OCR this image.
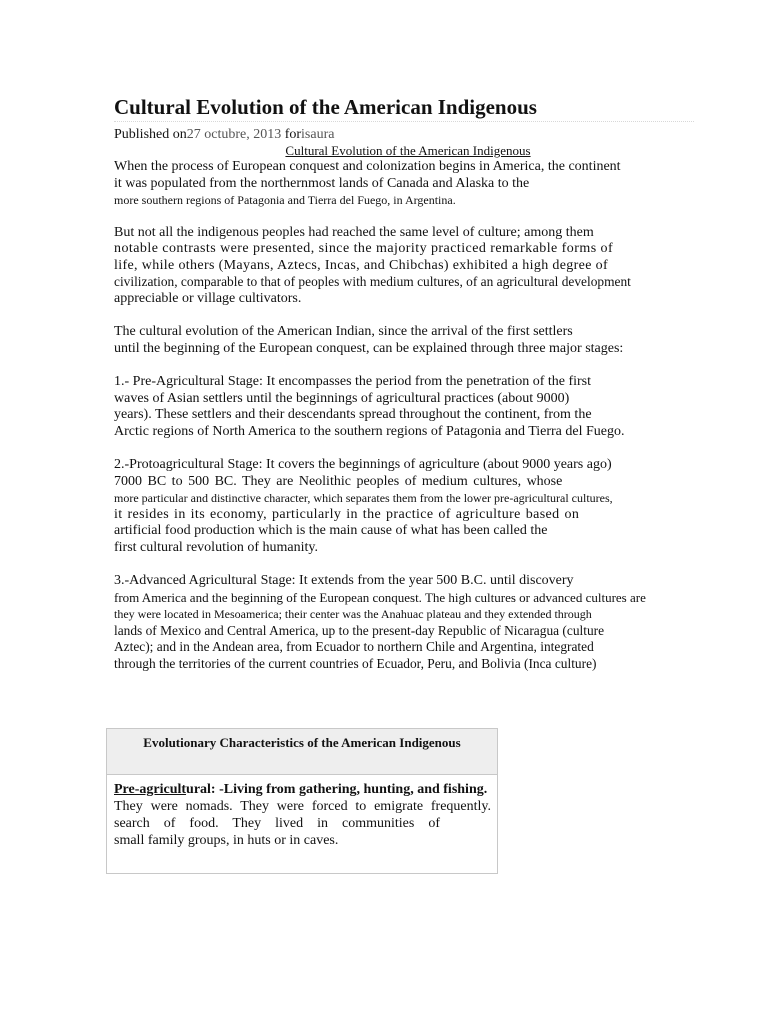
Cultural Evolution of the American Indigenous
Published on27 octubre, 2013 forisaura
Cultural Evolution of the American Indigenous

When the process of European conquest and colonization begins in America, the continent
it was populated from the northernmost lands of Canada and Alaska to the
more southern regions of Patagonia and Tierra del Fuego, in Argentina.

But not all the indigenous peoples had reached the same level of culture; among them
notable contrasts were presented, since the majority practiced remarkable forms of
life, while others (Mayans, Aztecs, Incas, and Chibchas) exhibited a high degree of
civilization, comparable to that of peoples with medium cultures, of an agricultural development
appreciable or village cultivators.

The cultural evolution of the American Indian, since the arrival of the first settlers
until the beginning of the European conquest, can be explained through three major stages:

1.- Pre-Agricultural Stage: It encompasses the period from the penetration of the first
waves of Asian settlers until the beginnings of agricultural practices (about 9000)
years). These settlers and their descendants spread throughout the continent, from the
Arctic regions of North America to the southern regions of Patagonia and Tierra del Fuego.

2.-Protoagricultural Stage: It covers the beginnings of agriculture (about 9000 years ago)
7000 BC to 500 BC. They are Neolithic peoples of medium cultures, whose
more particular and distinctive character, which separates them from the lower pre-agricultural cultures,
it resides in its economy, particularly in the practice of agriculture based on
artificial food production which is the main cause of what has been called the
first cultural revolution of humanity.

3.-Advanced Agricultural Stage: It extends from the year 500 B.C. until discovery
from America and the beginning of the European conquest. The high cultures or advanced cultures are
they were located in Mesoamerica; their center was the Anahuac plateau and they extended through
lands of Mexico and Central America, up to the present-day Republic of Nicaragua (culture
Aztec); and in the Andean area, from Ecuador to northern Chile and Argentina, integrated
through the territories of the current countries of Ecuador, Peru, and Bolivia (Inca culture)

Evolutionary Characteristics of the American Indigenous
Pre-agricultural: -Living from gathering, hunting, and fishing.
They were nomads. They were forced to emigrate frequently.
search of food. They lived in communities of
small family groups, in huts or in caves.
